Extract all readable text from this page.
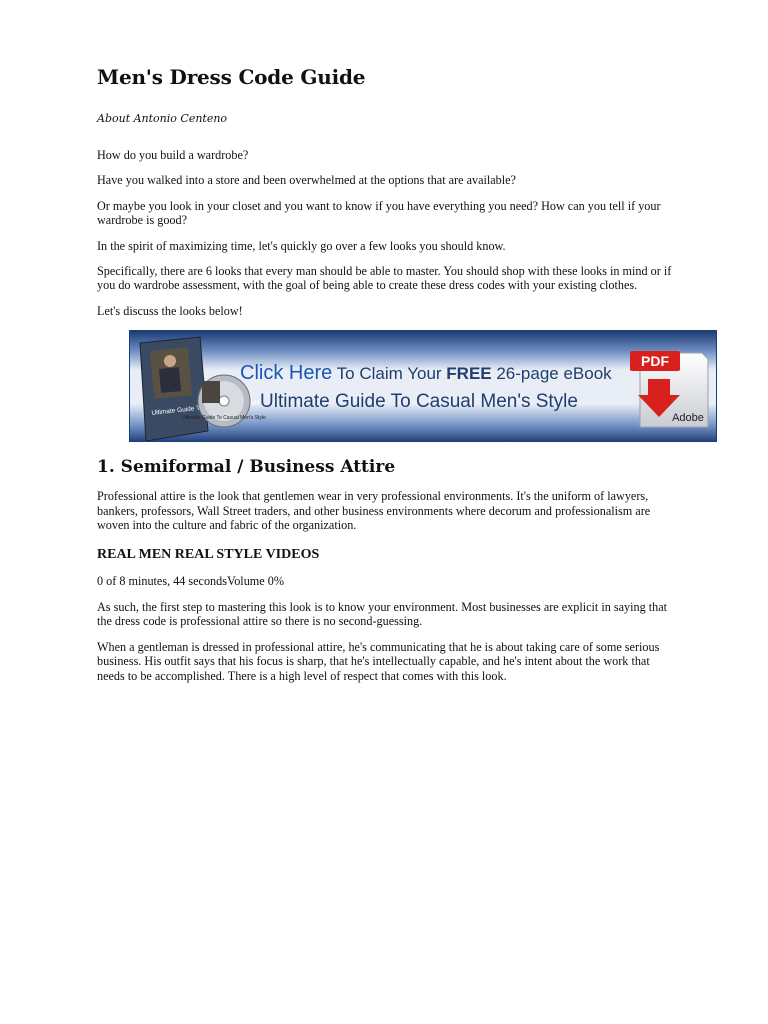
Men's Dress Code Guide
About Antonio Centeno

How do you build a wardrobe?

Have you walked into a store and been overwhelmed at the options that are available?

Or maybe you look in your closet and you want to know if you have everything you need? How can you tell if your wardrobe is good?

In the spirit of maximizing time, let's quickly go over a few looks you should know.

Specifically, there are 6 looks that every man should be able to master. You should shop with these looks in mind or if you do wardrobe assessment, with the goal of being able to create these dress codes with your existing clothes.

Let's discuss the looks below!

Ultimate Guide Style
Ultimate Guide To Casual Men's Style
Click Here To Claim Your FREE 26-page eBook
Ultimate Guide To Casual Men's Style
PDF
Adobe
1. Semiformal / Business Attire

Professional attire is the look that gentlemen wear in very professional environments. It's the uniform of lawyers, bankers, professors, Wall Street traders, and other business environments where decorum and professionalism are woven into the culture and fabric of the organization.

REAL MEN REAL STYLE VIDEOS

0 of 8 minutes, 44 secondsVolume 0%

As such, the first step to mastering this look is to know your environment. Most businesses are explicit in saying that the dress code is professional attire so there is no second-guessing.

When a gentleman is dressed in professional attire, he's communicating that he is about taking care of some serious business. His outfit says that his focus is sharp, that he's intellectually capable, and he's intent about the work that needs to be accomplished. There is a high level of respect that comes with this look.
